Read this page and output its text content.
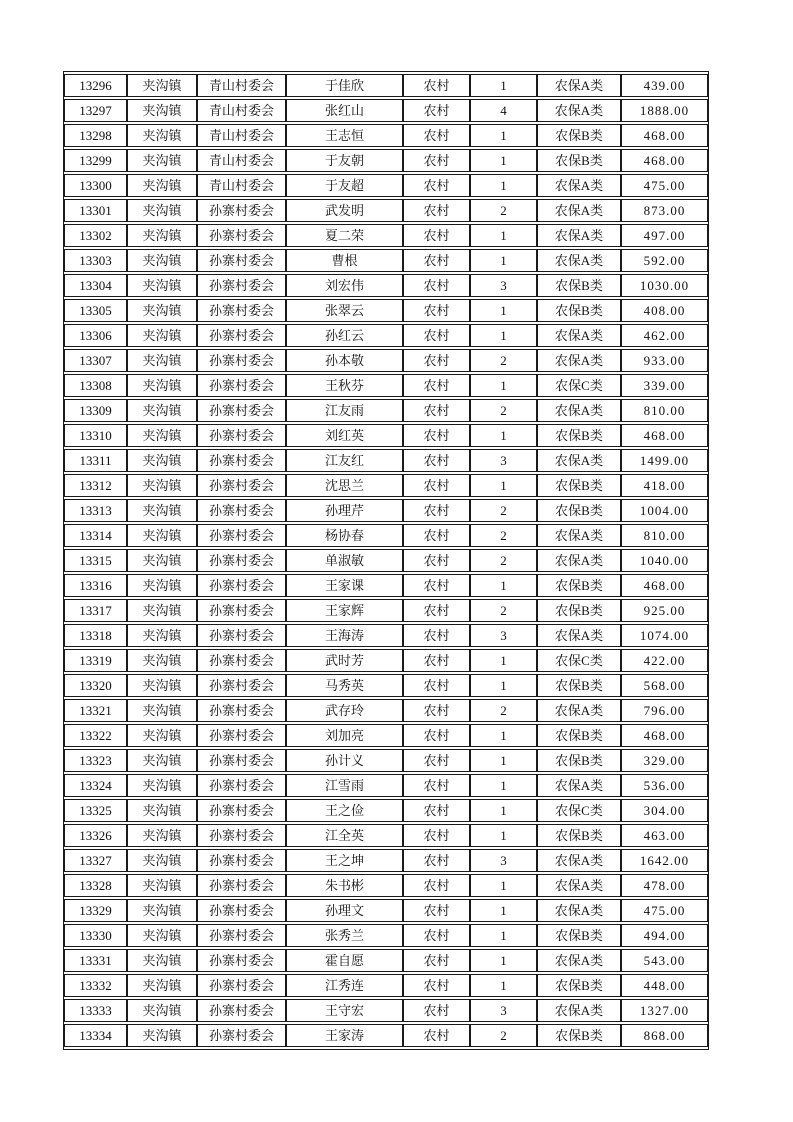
13296	夹沟镇	青山村委会	于佳欣	农村	1	农保A类	439.00
13297	夹沟镇	青山村委会	张红山	农村	4	农保A类	1888.00
13298	夹沟镇	青山村委会	王志恒	农村	1	农保B类	468.00
13299	夹沟镇	青山村委会	于友朝	农村	1	农保B类	468.00
13300	夹沟镇	青山村委会	于友超	农村	1	农保A类	475.00
13301	夹沟镇	孙寨村委会	武发明	农村	2	农保A类	873.00
13302	夹沟镇	孙寨村委会	夏二荣	农村	1	农保A类	497.00
13303	夹沟镇	孙寨村委会	曹根	农村	1	农保A类	592.00
13304	夹沟镇	孙寨村委会	刘宏伟	农村	3	农保B类	1030.00
13305	夹沟镇	孙寨村委会	张翠云	农村	1	农保B类	408.00
13306	夹沟镇	孙寨村委会	孙红云	农村	1	农保A类	462.00
13307	夹沟镇	孙寨村委会	孙本敬	农村	2	农保A类	933.00
13308	夹沟镇	孙寨村委会	王秋芬	农村	1	农保C类	339.00
13309	夹沟镇	孙寨村委会	江友雨	农村	2	农保A类	810.00
13310	夹沟镇	孙寨村委会	刘红英	农村	1	农保B类	468.00
13311	夹沟镇	孙寨村委会	江友红	农村	3	农保A类	1499.00
13312	夹沟镇	孙寨村委会	沈思兰	农村	1	农保B类	418.00
13313	夹沟镇	孙寨村委会	孙理芹	农村	2	农保B类	1004.00
13314	夹沟镇	孙寨村委会	杨协春	农村	2	农保A类	810.00
13315	夹沟镇	孙寨村委会	单淑敏	农村	2	农保A类	1040.00
13316	夹沟镇	孙寨村委会	王家课	农村	1	农保B类	468.00
13317	夹沟镇	孙寨村委会	王家辉	农村	2	农保B类	925.00
13318	夹沟镇	孙寨村委会	王海涛	农村	3	农保A类	1074.00
13319	夹沟镇	孙寨村委会	武时芳	农村	1	农保C类	422.00
13320	夹沟镇	孙寨村委会	马秀英	农村	1	农保B类	568.00
13321	夹沟镇	孙寨村委会	武存玲	农村	2	农保A类	796.00
13322	夹沟镇	孙寨村委会	刘加亮	农村	1	农保B类	468.00
13323	夹沟镇	孙寨村委会	孙计义	农村	1	农保B类	329.00
13324	夹沟镇	孙寨村委会	江雪雨	农村	1	农保A类	536.00
13325	夹沟镇	孙寨村委会	王之俭	农村	1	农保C类	304.00
13326	夹沟镇	孙寨村委会	江全英	农村	1	农保B类	463.00
13327	夹沟镇	孙寨村委会	王之坤	农村	3	农保A类	1642.00
13328	夹沟镇	孙寨村委会	朱书彬	农村	1	农保A类	478.00
13329	夹沟镇	孙寨村委会	孙理文	农村	1	农保A类	475.00
13330	夹沟镇	孙寨村委会	张秀兰	农村	1	农保B类	494.00
13331	夹沟镇	孙寨村委会	霍自愿	农村	1	农保A类	543.00
13332	夹沟镇	孙寨村委会	江秀连	农村	1	农保B类	448.00
13333	夹沟镇	孙寨村委会	王守宏	农村	3	农保A类	1327.00
13334	夹沟镇	孙寨村委会	王家涛	农村	2	农保B类	868.00
